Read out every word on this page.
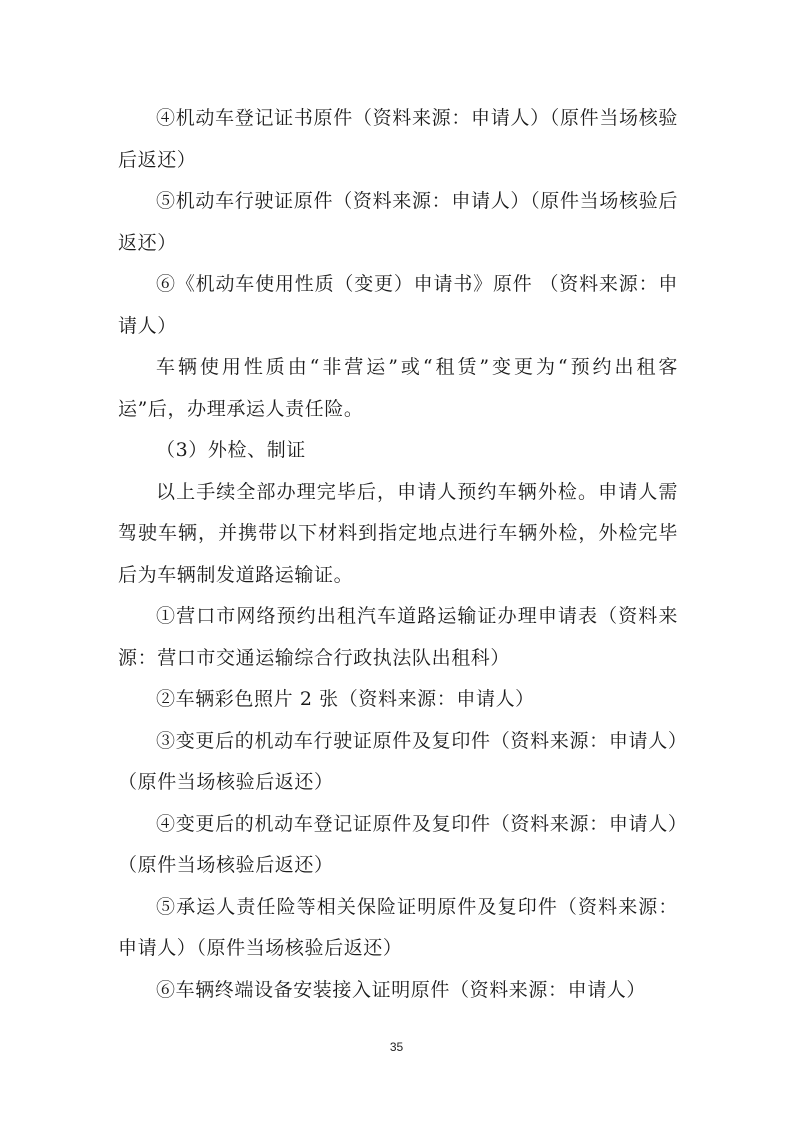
④机动车登记证书原件（资料来源：申请人）（原件当场核验后返还）

⑤机动车行驶证原件（资料来源：申请人）（原件当场核验后返还）

⑥《机动车使用性质（变更）申请书》原件 （资料来源：申请人）

车辆使用性质由“非营运”或“租赁”变更为“预约出租客运”后，办理承运人责任险。

（3）外检、制证

以上手续全部办理完毕后，申请人预约车辆外检。申请人需驾驶车辆，并携带以下材料到指定地点进行车辆外检，外检完毕后为车辆制发道路运输证。

①营口市网络预约出租汽车道路运输证办理申请表（资料来源：营口市交通运输综合行政执法队出租科）

②车辆彩色照片 2 张（资料来源：申请人）

③变更后的机动车行驶证原件及复印件（资料来源：申请人）（原件当场核验后返还）

④变更后的机动车登记证原件及复印件（资料来源：申请人）（原件当场核验后返还）

⑤承运人责任险等相关保险证明原件及复印件（资料来源：申请人）（原件当场核验后返还）

⑥车辆终端设备安装接入证明原件（资料来源：申请人）

35
